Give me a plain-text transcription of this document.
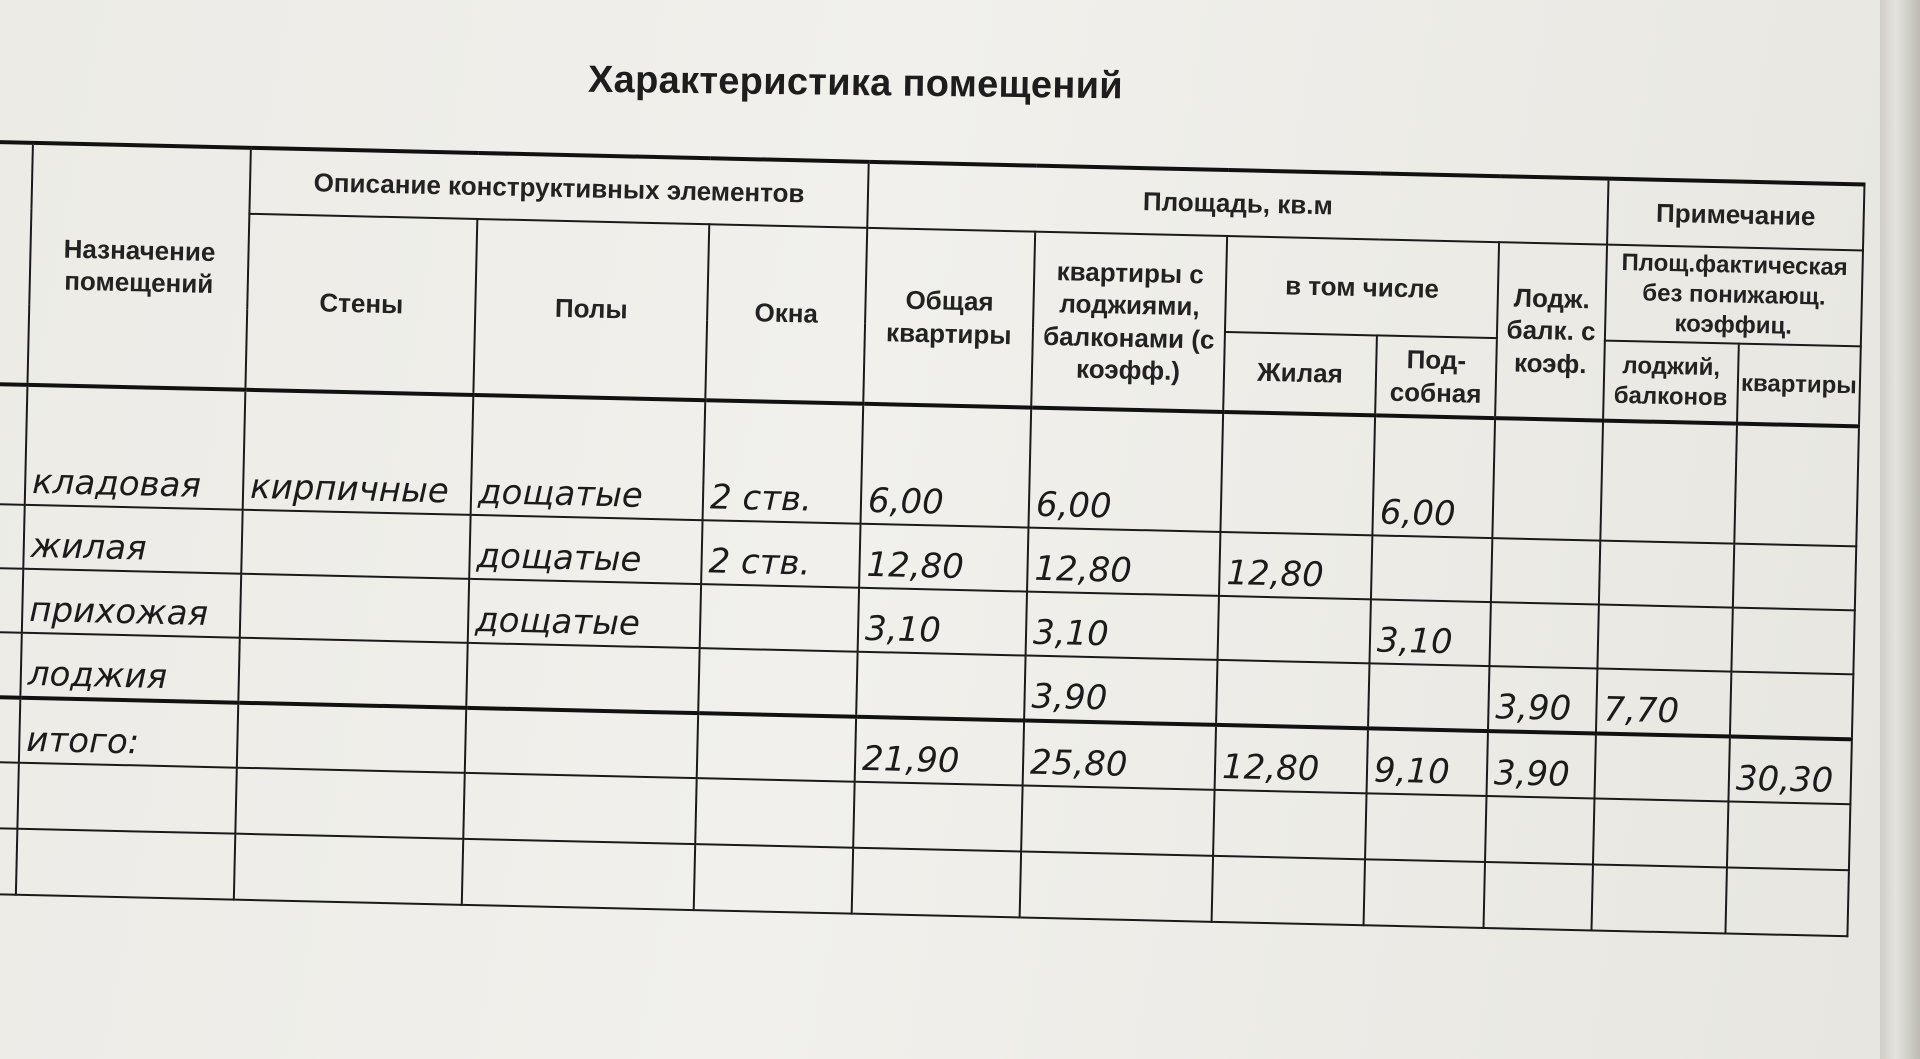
Характеристика помещений
	Назначение помещений	Описание конструктивных элементов			Площадь, кв.м					Примечание	
		Стены	Полы	Окна	Общая квартиры	квартиры с лоджиями, балконами (с коэфф.)	в том числе		Лодж. балк. с коэф.	Площ.фактическая без понижающ. коэффиц.	
							Жилая	Под- собная		лоджий, балконов	квартиры
	кладовая	кирпичные	дощатые	2 ств.	6,00	6,00		6,00			
	жилая		дощатые	2 ств.	12,80	12,80	12,80				
	прихожая		дощатые		3,10	3,10		3,10			
	лоджия					3,90			3,90	7,70	
	итого:				21,90	25,80	12,80	9,10	3,90		30,30
